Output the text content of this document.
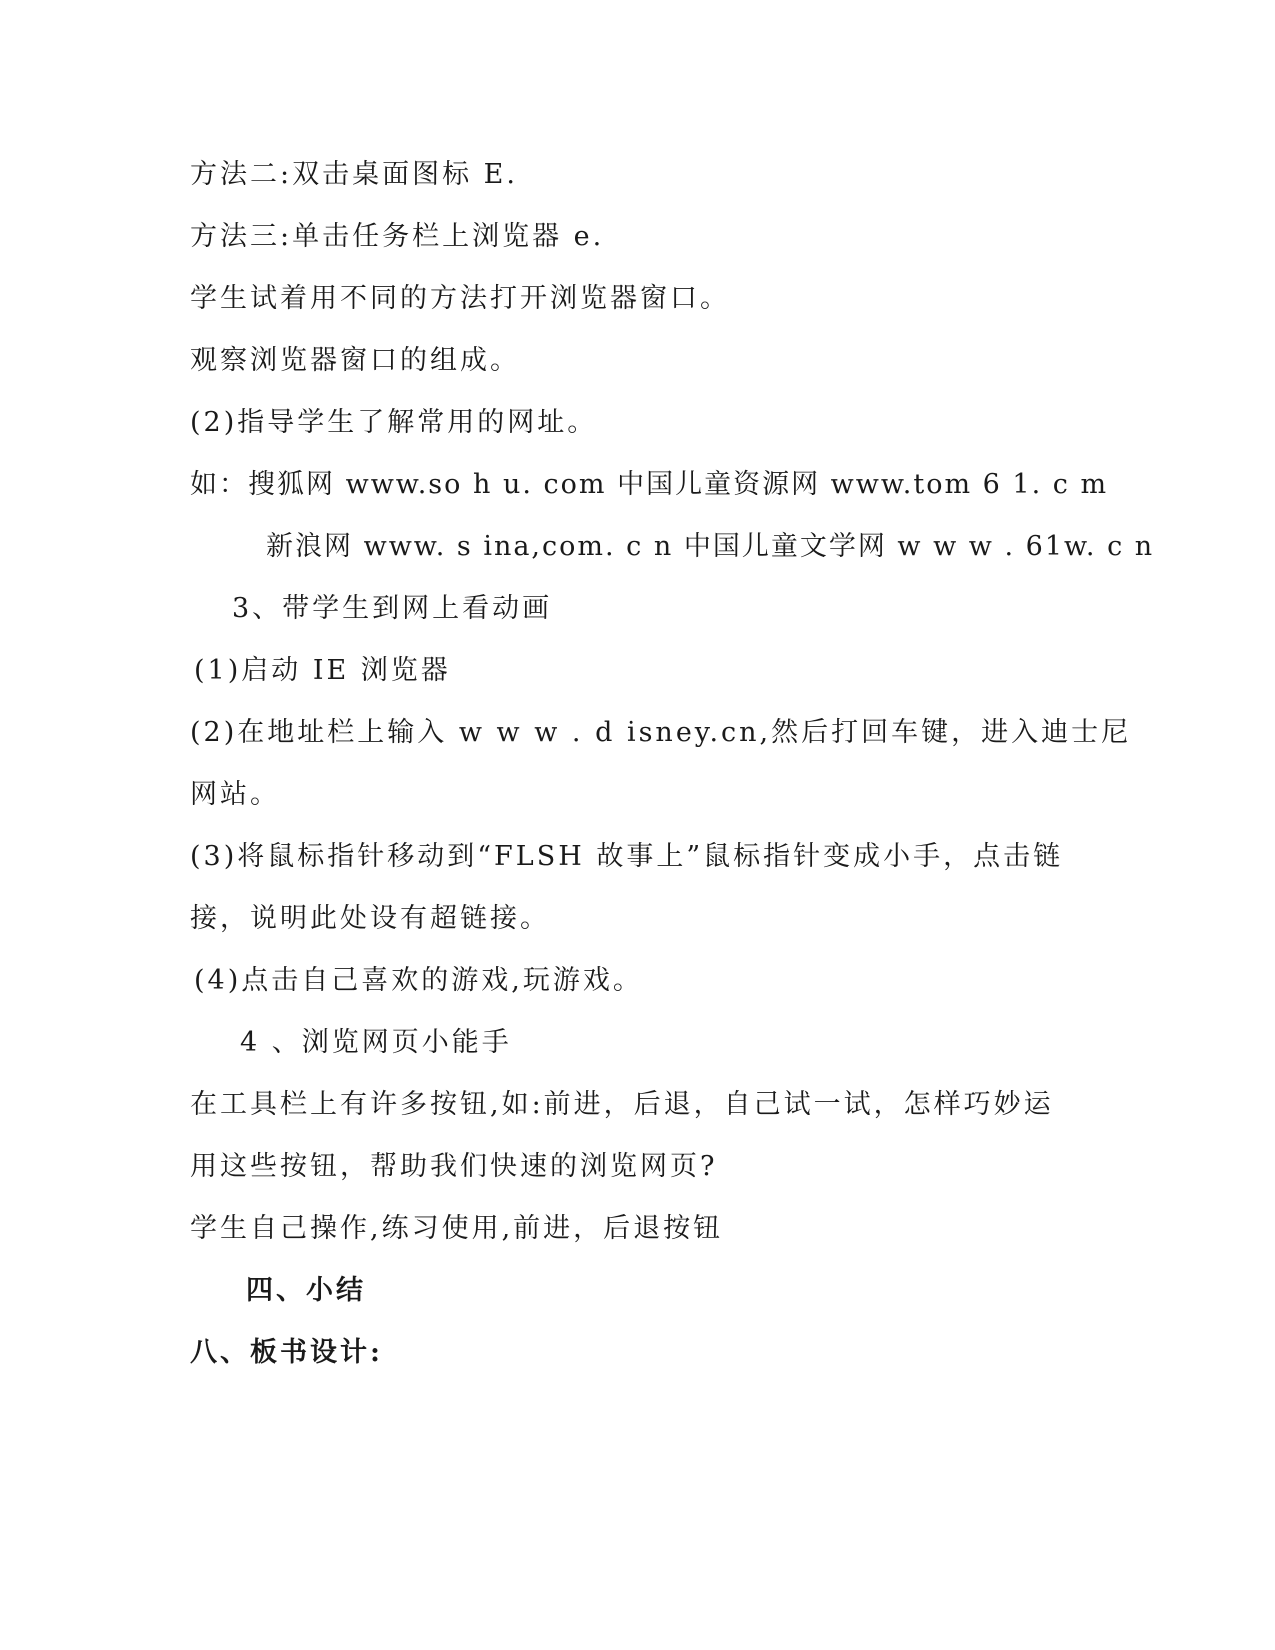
方法二:双击桌面图标 E.
方法三:单击任务栏上浏览器 e.
学生试着用不同的方法打开浏览器窗口。
观察浏览器窗口的组成。
(2)指导学生了解常用的网址。
如：搜狐网 www.so h u. com 中国儿童资源网 www.tom 6 1. c m
新浪网 www. s ina,com. c n 中国儿童文学网 w w w . 61w. c n
3、带学生到网上看动画
(1)启动 IE 浏览器
(2)在地址栏上输入 w w w . d isney.cn,然后打回车键，进入迪士尼
网站。
(3)将鼠标指针移动到“FLSH 故事上”鼠标指针变成小手，点击链
接，说明此处设有超链接。
(4)点击自己喜欢的游戏,玩游戏。
4 、浏览网页小能手
在工具栏上有许多按钮,如:前进，后退，自己试一试，怎样巧妙运
用这些按钮，帮助我们快速的浏览网页?
学生自己操作,练习使用,前进，后退按钮
四、小结
八、板书设计:
